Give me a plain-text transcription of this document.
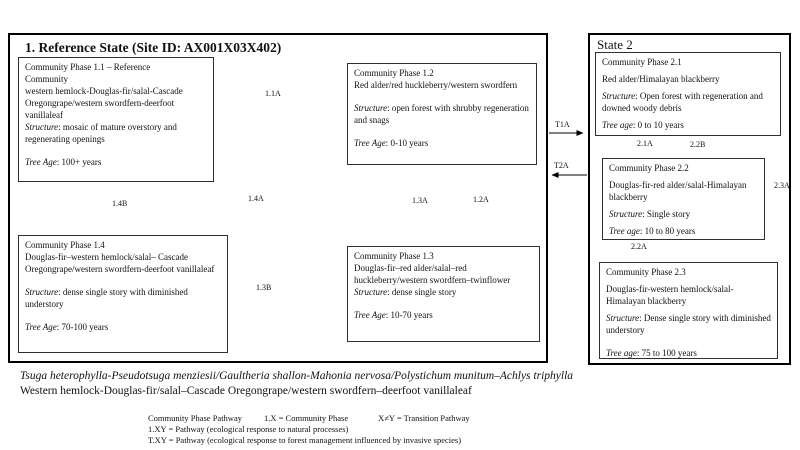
1. Reference State (Site ID: AX001X03X402)
Community Phase 1.1 – Reference Community
western hemlock-Douglas-fir/salal-Cascade Oregongrape/western swordfern-deerfoot vanillaleaf
Structure: mosaic of mature overstory and regenerating openings
Tree Age: 100+ years
Community Phase 1.2
Red alder/red huckleberry/western swordfern
Structure: open forest with shrubby regeneration and snags
Tree Age: 0-10 years
Community Phase 1.3
Douglas-fir–red alder/salal–red huckleberry/western swordfern–twinflower
Structure: dense single story
Tree Age: 10-70 years
Community Phase 1.4
Douglas-fir–western hemlock/salal– Cascade Oregongrape/western swordfern-deerfoot vanillaleaf
Structure: dense single story with diminished understory
Tree Age: 70-100 years
State 2
Community Phase 2.1
Red alder/Himalayan blackberry
Structure: Open forest with regeneration and downed woody debris
Tree age: 0 to 10 years
Community Phase 2.2
Douglas-fir-red alder/salal-Himalayan blackberry
Structure: Single story
Tree age: 10 to 80 years
Community Phase 2.3
Douglas-fir-western hemlock/salal-Himalayan blackberry
Structure: Dense single story with diminished understory
Tree age: 75 to 100 years
1.1A
1.4B
1.4A	1.3A	1.2A
1.3B
T1A
T2A
2.1A	2.2B
2.2A
2.3A
Tsuga heterophylla-Pseudotsuga menziesii/Gaultheria shallon-Mahonia nervosa/Polystichum munitum–Achlys triphylla
Western hemlock-Douglas-fir/salal–Cascade Oregongrape/western swordfern–deerfoot vanillaleaf
Community Phase Pathway	1.X = Community Phase	X≠Y = Transition Pathway
1.XY = Pathway (ecological response to natural processes)
T.XY = Pathway (ecological response to forest management influenced by invasive species)
